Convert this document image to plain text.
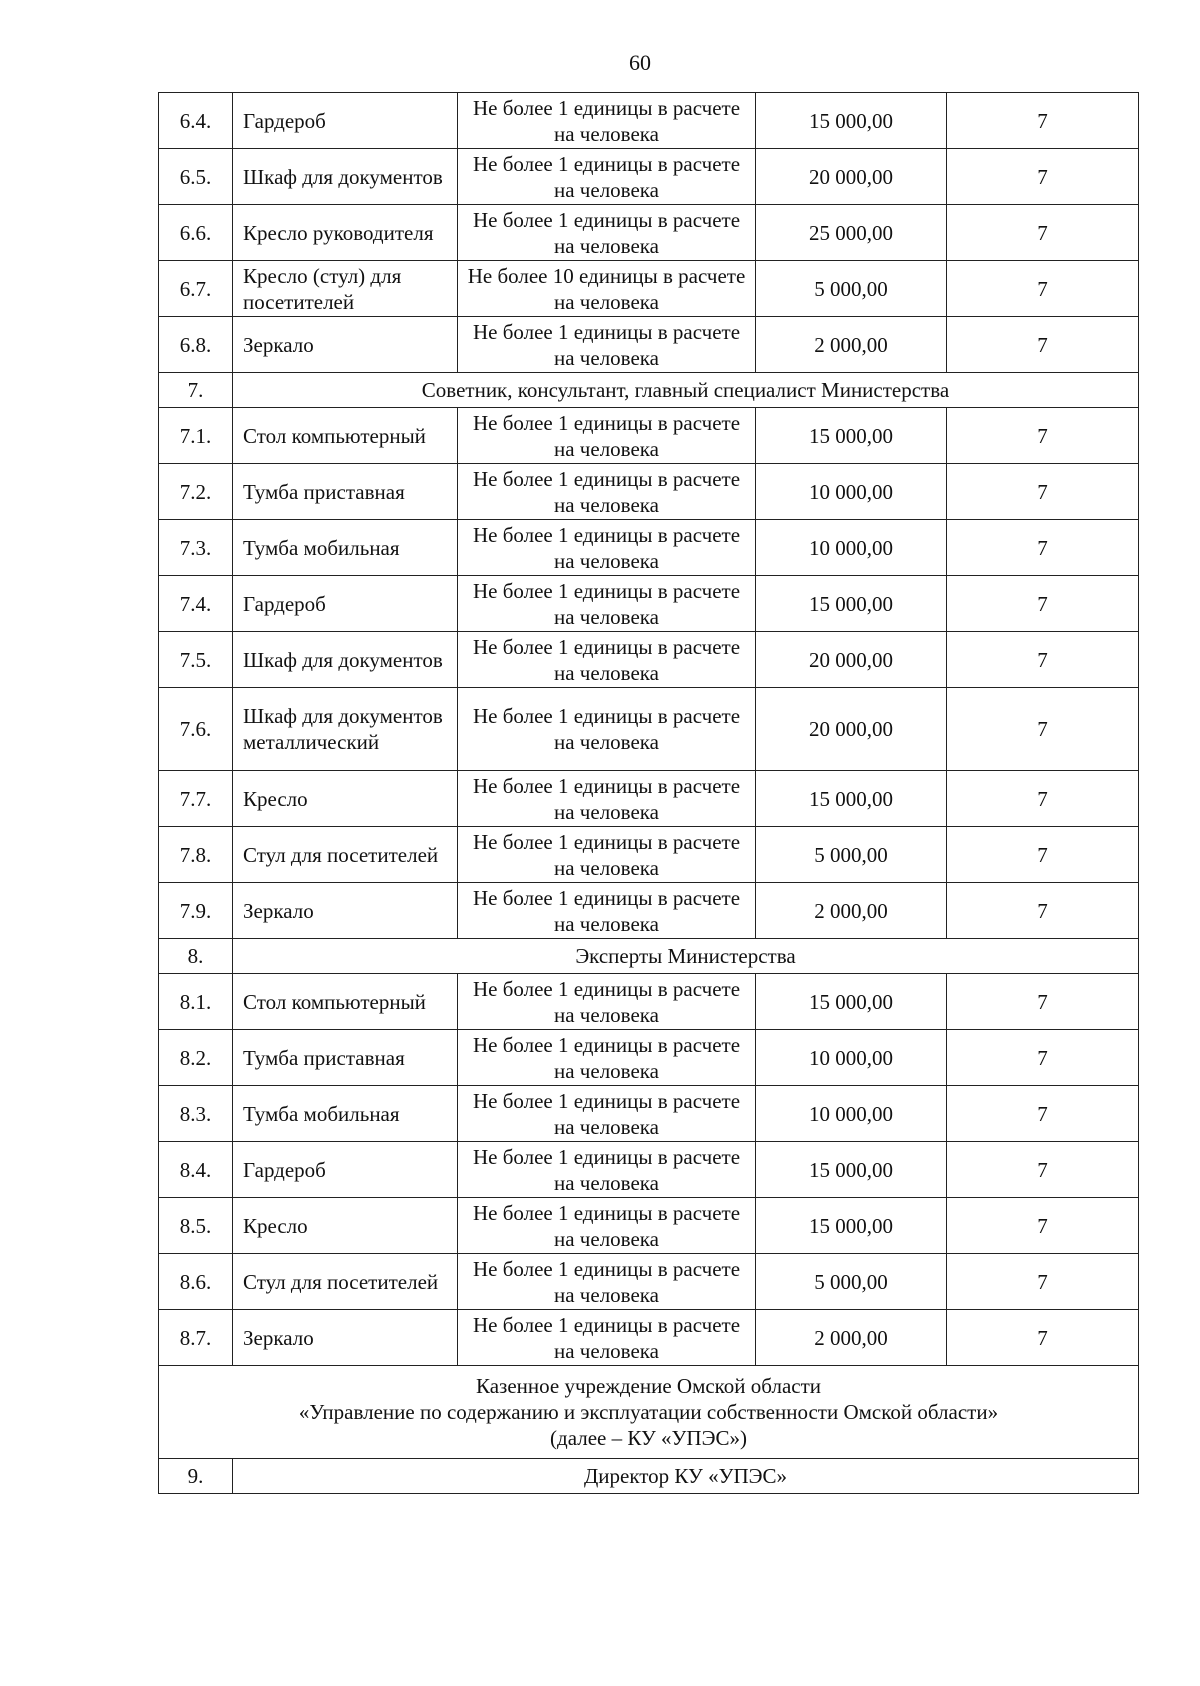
60
6.4.	Гардероб	Не более 1 единицы в расчете на человека	15 000,00	7
6.5.	Шкаф для документов	Не более 1 единицы в расчете на человека	20 000,00	7
6.6.	Кресло руководителя	Не более 1 единицы в расчете на человека	25 000,00	7
6.7.	Кресло (стул) для посетителей	Не более 10 единицы в расчете на человека	5 000,00	7
6.8.	Зеркало	Не более 1 единицы в расчете на человека	2 000,00	7
7.	Советник, консультант, главный специалист Министерства			
7.1.	Стол компьютерный	Не более 1 единицы в расчете на человека	15 000,00	7
7.2.	Тумба приставная	Не более 1 единицы в расчете на человека	10 000,00	7
7.3.	Тумба мобильная	Не более 1 единицы в расчете на человека	10 000,00	7
7.4.	Гардероб	Не более 1 единицы в расчете на человека	15 000,00	7
7.5.	Шкаф для документов	Не более 1 единицы в расчете на человека	20 000,00	7
7.6.	Шкаф для документов металлический	Не более 1 единицы в расчете на человека	20 000,00	7
7.7.	Кресло	Не более 1 единицы в расчете на человека	15 000,00	7
7.8.	Стул для посетителей	Не более 1 единицы в расчете на человека	5 000,00	7
7.9.	Зеркало	Не более 1 единицы в расчете на человека	2 000,00	7
8.	Эксперты Министерства			
8.1.	Стол компьютерный	Не более 1 единицы в расчете на человека	15 000,00	7
8.2.	Тумба приставная	Не более 1 единицы в расчете на человека	10 000,00	7
8.3.	Тумба мобильная	Не более 1 единицы в расчете на человека	10 000,00	7
8.4.	Гардероб	Не более 1 единицы в расчете на человека	15 000,00	7
8.5.	Кресло	Не более 1 единицы в расчете на человека	15 000,00	7
8.6.	Стул для посетителей	Не более 1 единицы в расчете на человека	5 000,00	7
8.7.	Зеркало	Не более 1 единицы в расчете на человека	2 000,00	7

Казенное учреждение Омской области
«Управление по содержанию и эксплуатации собственности Омской области»
(далее – КУ «УПЭС»)				

9.	Директор КУ «УПЭС»			
